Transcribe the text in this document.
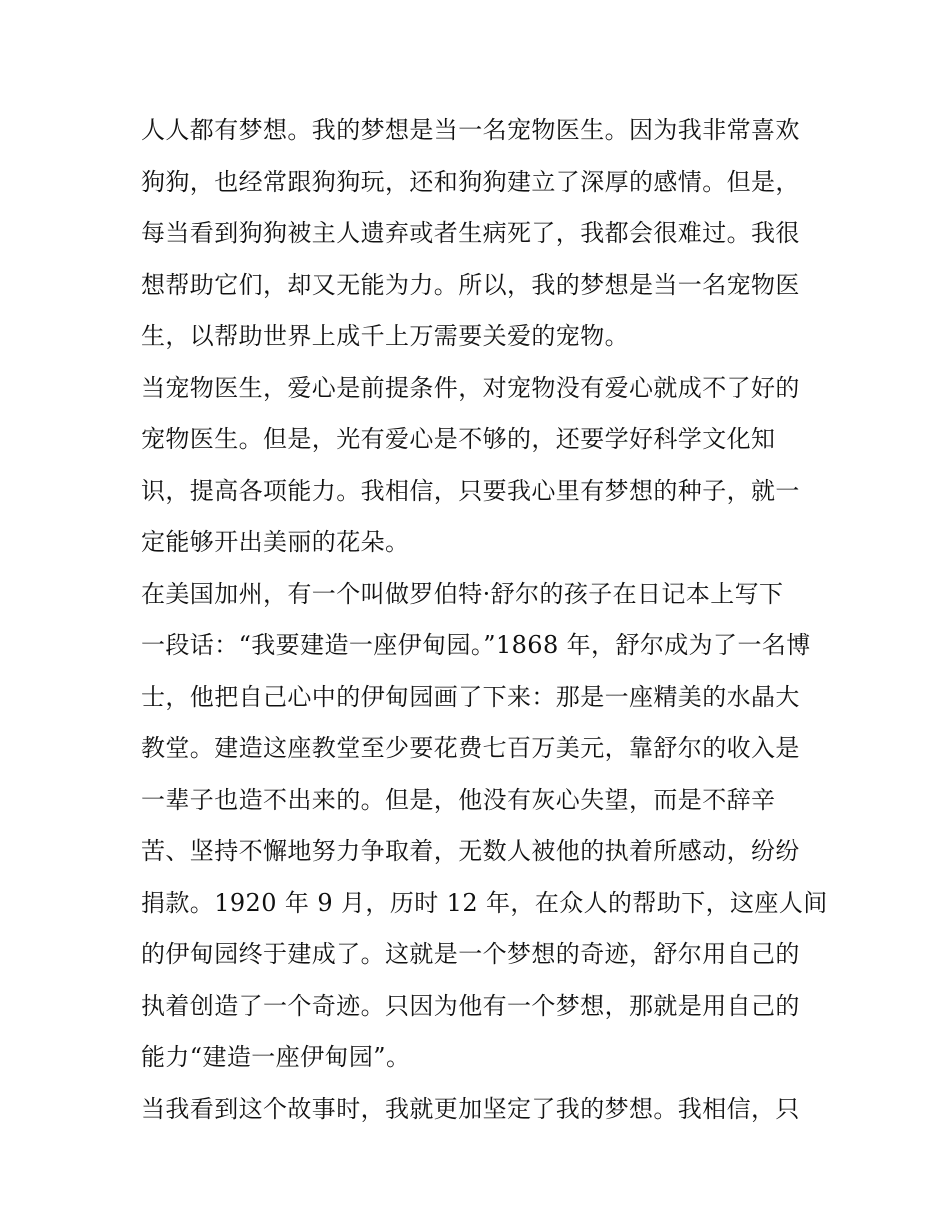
人人都有梦想。我的梦想是当一名宠物医生。因为我非常喜欢
狗狗，也经常跟狗狗玩，还和狗狗建立了深厚的感情。但是，
每当看到狗狗被主人遗弃或者生病死了，我都会很难过。我很
想帮助它们，却又无能为力。所以，我的梦想是当一名宠物医
生，以帮助世界上成千上万需要关爱的宠物。
当宠物医生，爱心是前提条件，对宠物没有爱心就成不了好的
宠物医生。但是，光有爱心是不够的，还要学好科学文化知
识，提高各项能力。我相信，只要我心里有梦想的种子，就一
定能够开出美丽的花朵。
在美国加州，有一个叫做罗伯特·舒尔的孩子在日记本上写下
一段话：“我要建造一座伊甸园。”1868 年，舒尔成为了一名博
士，他把自己心中的伊甸园画了下来：那是一座精美的水晶大
教堂。建造这座教堂至少要花费七百万美元，靠舒尔的收入是
一辈子也造不出来的。但是，他没有灰心失望，而是不辞辛
苦、坚持不懈地努力争取着，无数人被他的执着所感动，纷纷
捐款。1920 年 9 月，历时 12 年，在众人的帮助下，这座人间
的伊甸园终于建成了。这就是一个梦想的奇迹，舒尔用自己的
执着创造了一个奇迹。只因为他有一个梦想，那就是用自己的
能力“建造一座伊甸园”。
当我看到这个故事时，我就更加坚定了我的梦想。我相信，只
